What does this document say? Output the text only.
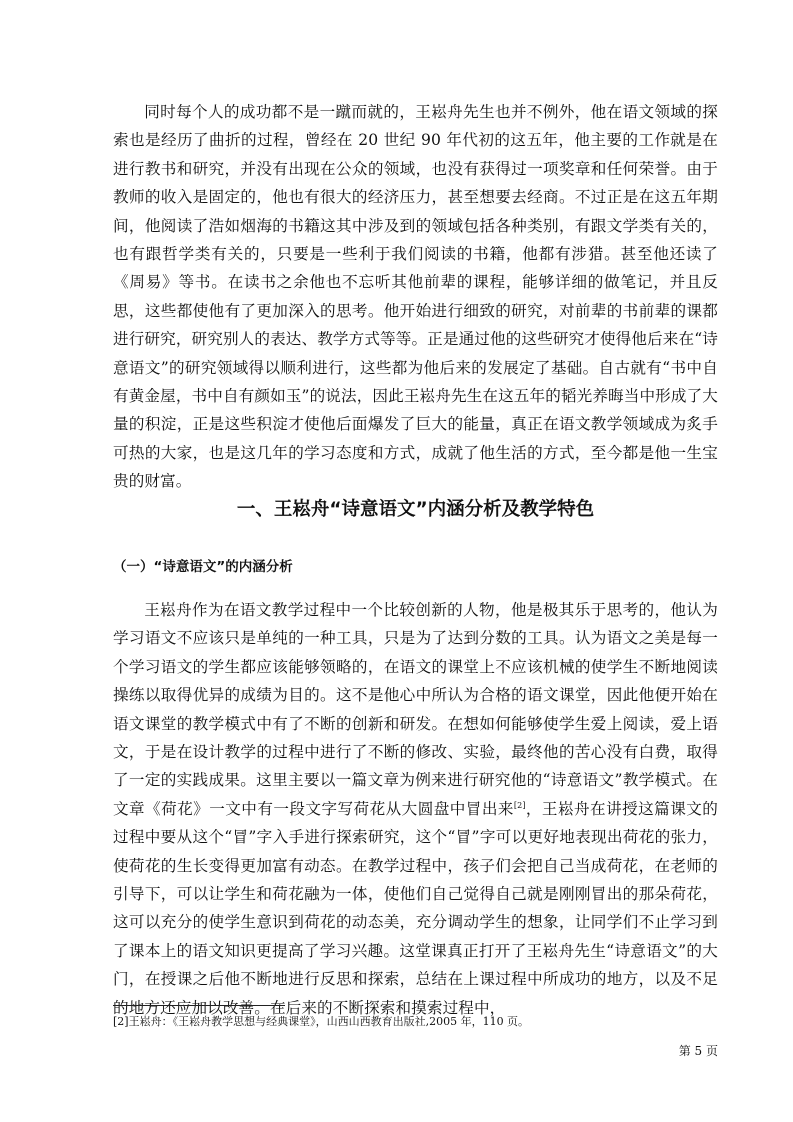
同时每个人的成功都不是一蹴而就的，王崧舟先生也并不例外，他在语文领域的探索也是经历了曲折的过程，曾经在 20 世纪 90 年代初的这五年，他主要的工作就是在进行教书和研究，并没有出现在公众的领域，也没有获得过一项奖章和任何荣誉。由于教师的收入是固定的，他也有很大的经济压力，甚至想要去经商。不过正是在这五年期间，他阅读了浩如烟海的书籍这其中涉及到的领域包括各种类别，有跟文学类有关的，也有跟哲学类有关的，只要是一些利于我们阅读的书籍，他都有涉猎。甚至他还读了《周易》等书。在读书之余他也不忘听其他前辈的课程，能够详细的做笔记，并且反思，这些都使他有了更加深入的思考。他开始进行细致的研究，对前辈的书前辈的课都进行研究，研究别人的表达、教学方式等等。正是通过他的这些研究才使得他后来在“诗意语文”的研究领域得以顺利进行，这些都为他后来的发展定了基础。自古就有“书中自有黄金屋，书中自有颜如玉”的说法，因此王崧舟先生在这五年的韬光养晦当中形成了大量的积淀，正是这些积淀才使他后面爆发了巨大的能量，真正在语文教学领域成为炙手可热的大家，也是这几年的学习态度和方式，成就了他生活的方式，至今都是他一生宝贵的财富。

一、王崧舟“诗意语文”内涵分析及教学特色
（一）“诗意语文”的内涵分析

王崧舟作为在语文教学过程中一个比较创新的人物，他是极其乐于思考的，他认为学习语文不应该只是单纯的一种工具，只是为了达到分数的工具。认为语文之美是每一个学习语文的学生都应该能够领略的，在语文的课堂上不应该机械的使学生不断地阅读操练以取得优异的成绩为目的。这不是他心中所认为合格的语文课堂，因此他便开始在语文课堂的教学模式中有了不断的创新和研发。在想如何能够使学生爱上阅读，爱上语文，于是在设计教学的过程中进行了不断的修改、实验，最终他的苦心没有白费，取得了一定的实践成果。这里主要以一篇文章为例来进行研究他的“诗意语文”教学模式。在文章《荷花》一文中有一段文字写荷花从大圆盘中冒出来[2]，王崧舟在讲授这篇课文的过程中要从这个“冒”字入手进行探索研究，这个“冒”字可以更好地表现出荷花的张力，使荷花的生长变得更加富有动态。在教学过程中，孩子们会把自己当成荷花，在老师的引导下，可以让学生和荷花融为一体，使他们自己觉得自己就是刚刚冒出的那朵荷花，这可以充分的使学生意识到荷花的动态美，充分调动学生的想象，让同学们不止学习到了课本上的语文知识更提高了学习兴趣。这堂课真正打开了王崧舟先生“诗意语文”的大门，在授课之后他不断地进行反思和探索，总结在上课过程中所成功的地方，以及不足的地方还应加以改善。在后来的不断探索和摸索过程中，

[2]王崧舟：《王崧舟教学思想与经典课堂》，山西山西教育出版社,2005 年，110 页。

第 5 页
